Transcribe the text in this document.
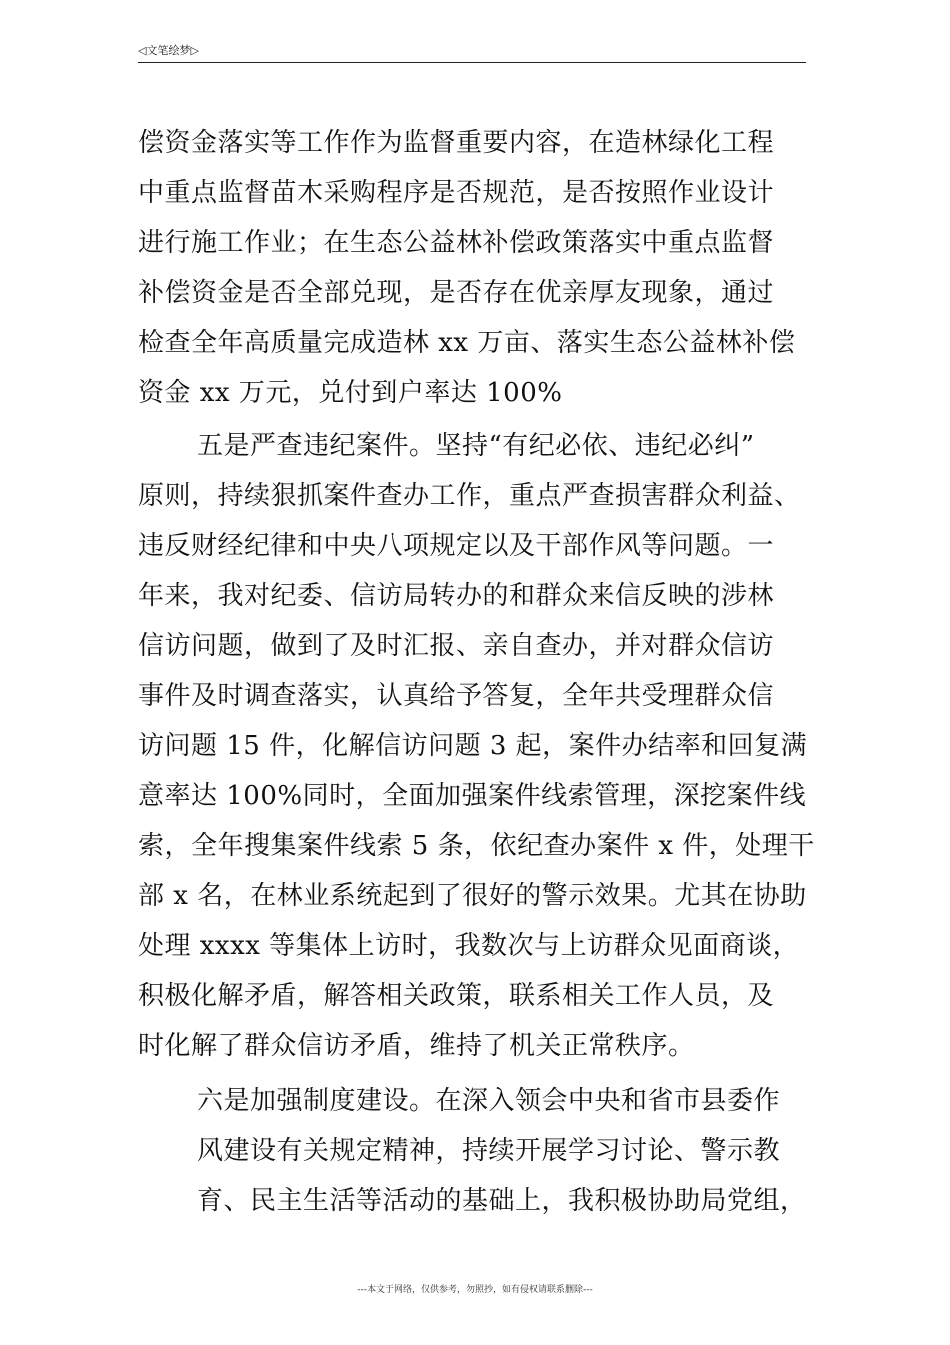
◁文笔绘梦▷
偿资金落实等工作作为监督重要内容，在造林绿化工程
中重点监督苗木采购程序是否规范，是否按照作业设计
进行施工作业；在生态公益林补偿政策落实中重点监督
补偿资金是否全部兑现，是否存在优亲厚友现象，通过
检查全年高质量完成造林 xx 万亩、落实生态公益林补偿
资金 xx 万元，兑付到户率达 100%
五是严查违纪案件。坚持“有纪必依、违纪必纠”
原则，持续狠抓案件查办工作，重点严查损害群众利益、
违反财经纪律和中央八项规定以及干部作风等问题。一
年来，我对纪委、信访局转办的和群众来信反映的涉林
信访问题，做到了及时汇报、亲自查办，并对群众信访
事件及时调查落实，认真给予答复，全年共受理群众信
访问题 15 件，化解信访问题 3 起，案件办结率和回复满
意率达 100%同时，全面加强案件线索管理，深挖案件线
索，全年搜集案件线索 5 条，依纪查办案件 x 件，处理干
部 x 名，在林业系统起到了很好的警示效果。尤其在协助
处理 xxxx 等集体上访时，我数次与上访群众见面商谈，
积极化解矛盾，解答相关政策，联系相关工作人员，及
时化解了群众信访矛盾，维持了机关正常秩序。
六是加强制度建设。在深入领会中央和省市县委作
风建设有关规定精神，持续开展学习讨论、警示教
育、民主生活等活动的基础上，我积极协助局党组，
---本文于网络，仅供参考，勿照抄，如有侵权请联系删除---
